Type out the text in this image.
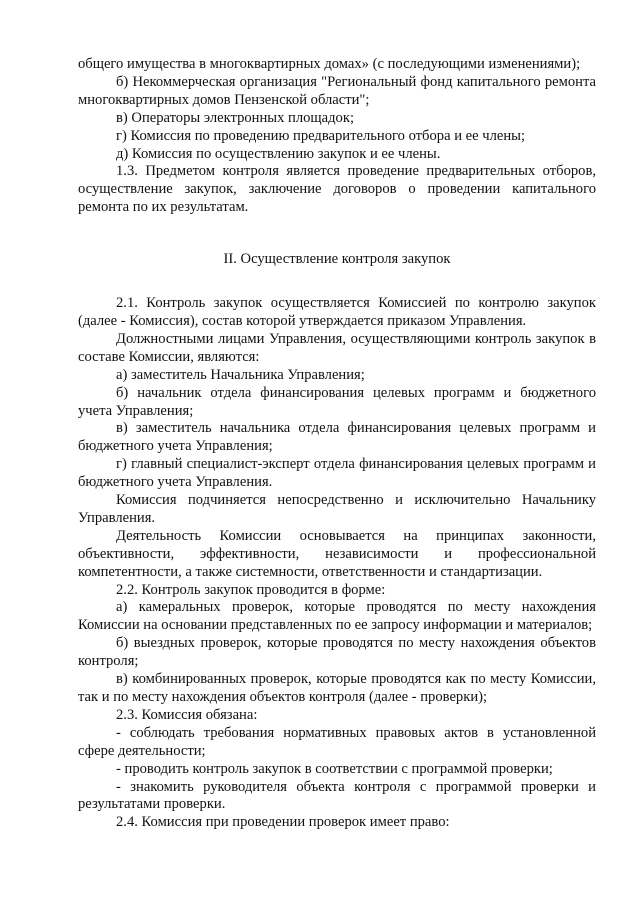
общего имущества в многоквартирных домах» (с последующими изменениями);

б) Некоммерческая организация "Региональный фонд капитального ремонта многоквартирных домов Пензенской области";

в) Операторы электронных площадок;

г) Комиссия по проведению предварительного отбора и ее члены;

д) Комиссия по осуществлению закупок и ее члены.

1.3. Предметом контроля является проведение предварительных отборов, осуществление закупок, заключение договоров о проведении капитального ремонта по их результатам.

II. Осуществление контроля закупок

2.1. Контроль закупок осуществляется Комиссией по контролю закупок (далее - Комиссия), состав которой утверждается приказом Управления.

Должностными лицами Управления, осуществляющими контроль закупок в составе Комиссии, являются:

а) заместитель Начальника Управления;

б) начальник отдела финансирования целевых программ и бюджетного учета Управления;

в) заместитель начальника отдела финансирования целевых программ и бюджетного учета Управления;

г) главный специалист-эксперт отдела финансирования целевых программ и бюджетного учета Управления.

Комиссия подчиняется непосредственно и исключительно Начальнику Управления.

Деятельность Комиссии основывается на принципах законности, объективности, эффективности, независимости и профессиональной компетентности, а также системности, ответственности и стандартизации.

2.2. Контроль закупок проводится в форме:

а) камеральных проверок, которые проводятся по месту нахождения Комиссии на основании представленных по ее запросу информации и материалов;

б) выездных проверок, которые проводятся по месту нахождения объектов контроля;

в) комбинированных проверок, которые проводятся как по месту Комиссии, так и по месту нахождения объектов контроля (далее - проверки);

2.3. Комиссия обязана:

- соблюдать требования нормативных правовых актов в установленной сфере деятельности;

- проводить контроль закупок в соответствии с программой проверки;

- знакомить руководителя объекта контроля с программой проверки и результатами проверки.

2.4. Комиссия при проведении проверок имеет право:
